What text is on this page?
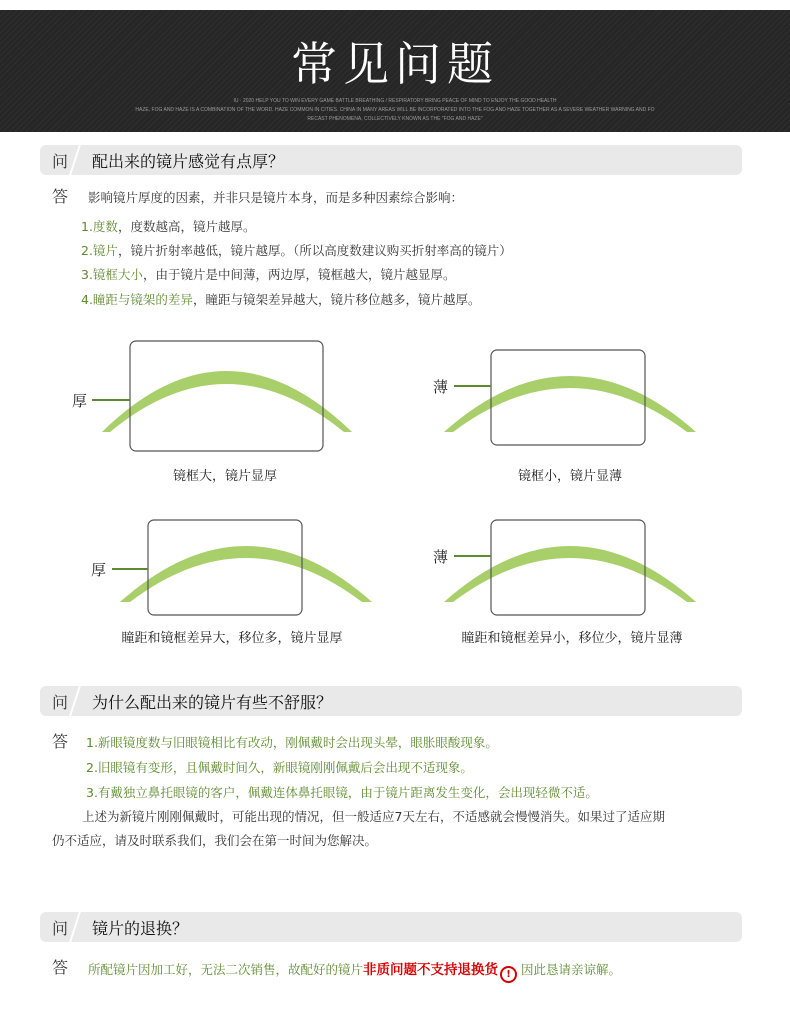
常见问题
IU · 2020 HELP YOU TO WIN EVERY GAME BATTLE BREATHING / RESPIRATORY BRING PEACE OF MIND TO ENJOY THE GOOD HEALTH
HAZE, FOG AND HAZE IS A COMBINATION OF THE WORD. HAZE COMMON IN CITIES. CHINA IN MANY AREAS WILL BE INCORPORATED INTO THE FOG AND HAZE TOGETHER AS A SEVERE WEATHER WARNING AND FO
RECAST PHENOMENA, COLLECTIVELY KNOWN AS THE "FOG AND HAZE"
问 配出来的镜片感觉有点厚？
答 影响镜片厚度的因素，并非只是镜片本身，而是多种因素综合影响：
1.度数，度数越高，镜片越厚。
2.镜片，镜片折射率越低，镜片越厚。（所以高度数建议购买折射率高的镜片）
3.镜框大小，由于镜片是中间薄，两边厚，镜框越大，镜片越显厚。
4.瞳距与镜架的差异，瞳距与镜架差异越大，镜片移位越多，镜片越厚。
厚
镜框大，镜片显厚
薄
镜框小，镜片显薄
厚
瞳距和镜框差异大，移位多，镜片显厚
薄
瞳距和镜框差异小，移位少，镜片显薄
问 为什么配出来的镜片有些不舒服？
答 1.新眼镜度数与旧眼镜相比有改动，刚佩戴时会出现头晕，眼胀眼酸现象。
2.旧眼镜有变形，且佩戴时间久，新眼镜刚刚佩戴后会出现不适现象。
3.有戴独立鼻托眼镜的客户，佩戴连体鼻托眼镜，由于镜片距离发生变化，会出现轻微不适。
上述为新镜片刚刚佩戴时，可能出现的情况，但一般适应7天左右，不适感就会慢慢消失。如果过了适应期
仍不适应，请及时联系我们，我们会在第一时间为您解决。
问 镜片的退换？
答 所配镜片因加工好，无法二次销售，故配好的镜片非质问题不支持退换货 ! 因此恳请亲谅解。
